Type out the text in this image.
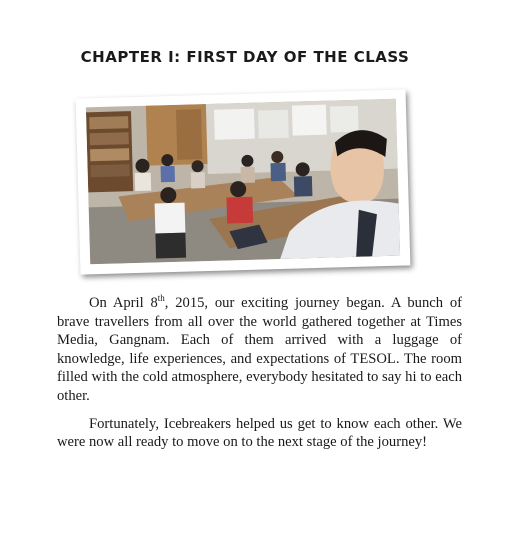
CHAPTER I: FIRST DAY OF THE CLASS

On April 8th, 2015, our exciting journey began. A bunch of brave travellers from all over the world gathered together at Times Media, Gangnam. Each of them arrived with a luggage of knowledge, life experiences, and expectations of TESOL. The room filled with the cold atmosphere, everybody hesitated to say hi to each other.

Fortunately, Icebreakers helped us get to know each other. We were now all ready to move on to the next stage of the journey!
